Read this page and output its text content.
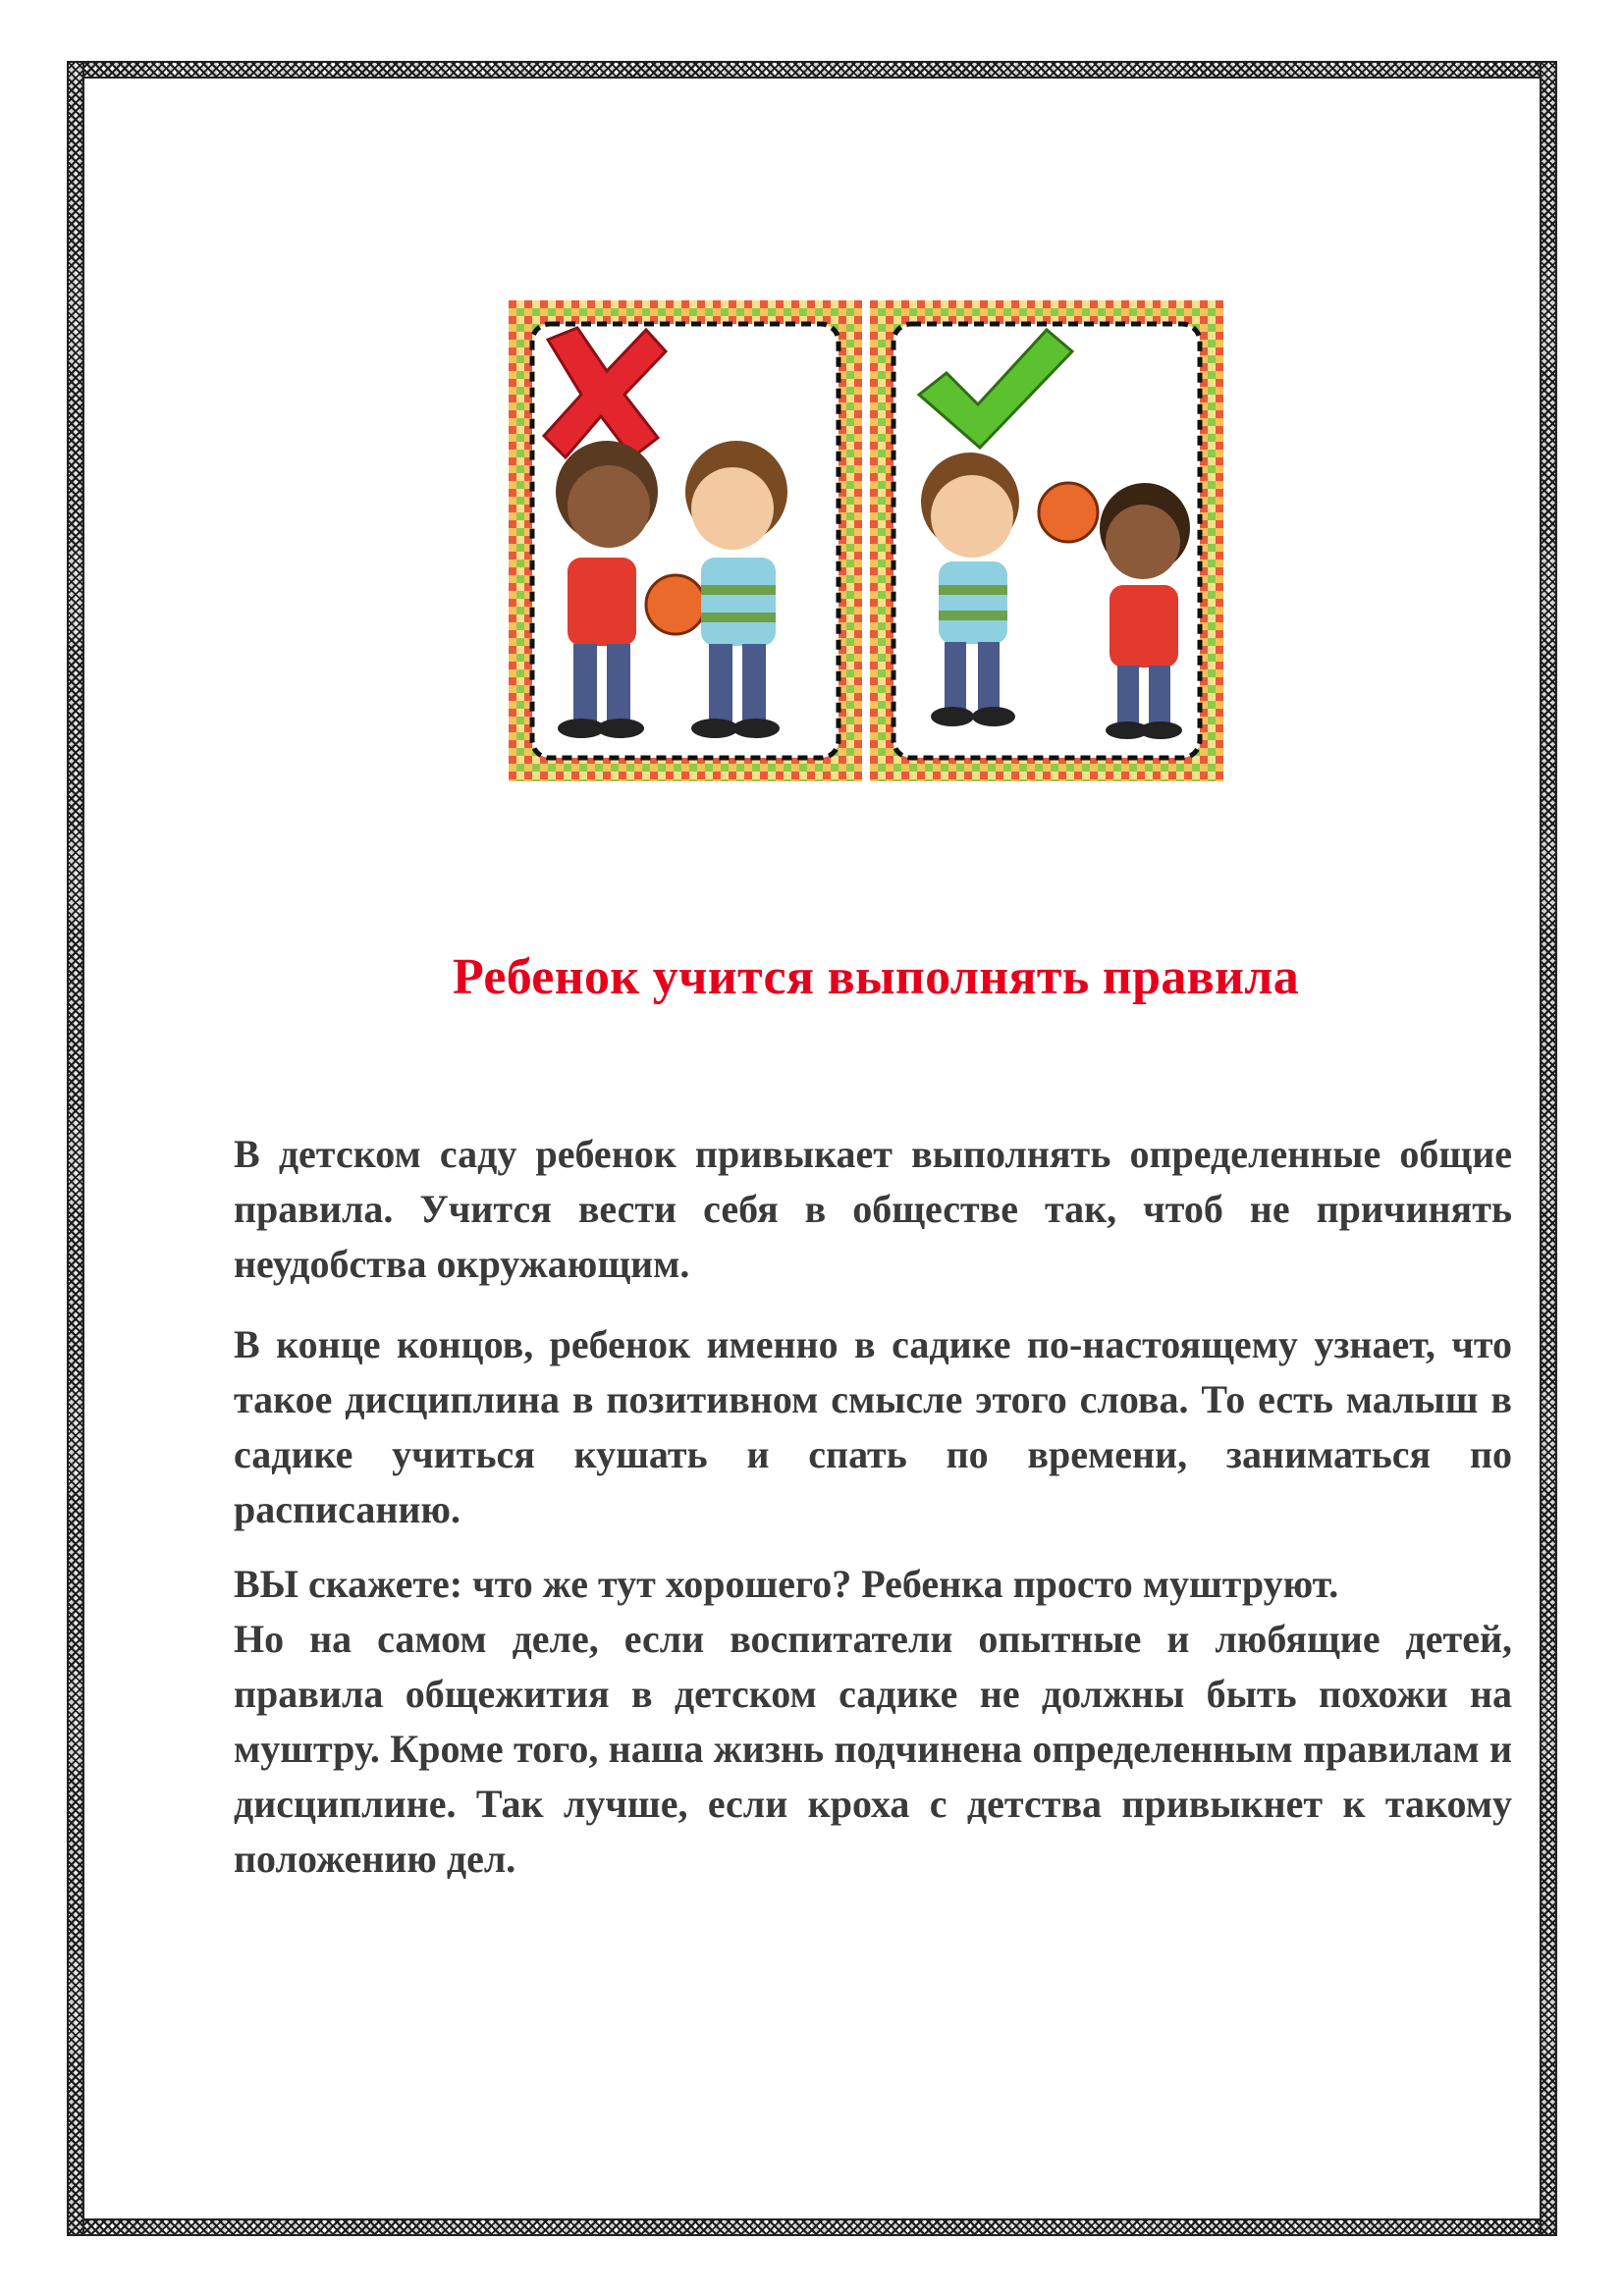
Ребенок учится выполнять правила

В детском саду ребенок привыкает выполнять определенные общие правила. Учится вести себя в обществе так, чтоб не причинять неудобства окружающим.

В конце концов, ребенок именно в садике по-настоящему узнает, что такое дисциплина в позитивном смысле этого слова. То есть малыш в садике учиться кушать и спать по времени, заниматься по расписанию.

ВЫ скажете: что же тут хорошего? Ребенка просто муштруют.

Но на самом деле, если воспитатели опытные и любящие детей, правила общежития в детском садике не должны быть похожи на муштру. Кроме того, наша жизнь подчинена определенным правилам и дисциплине. Так лучше, если кроха с детства привыкнет к такому положению дел.
